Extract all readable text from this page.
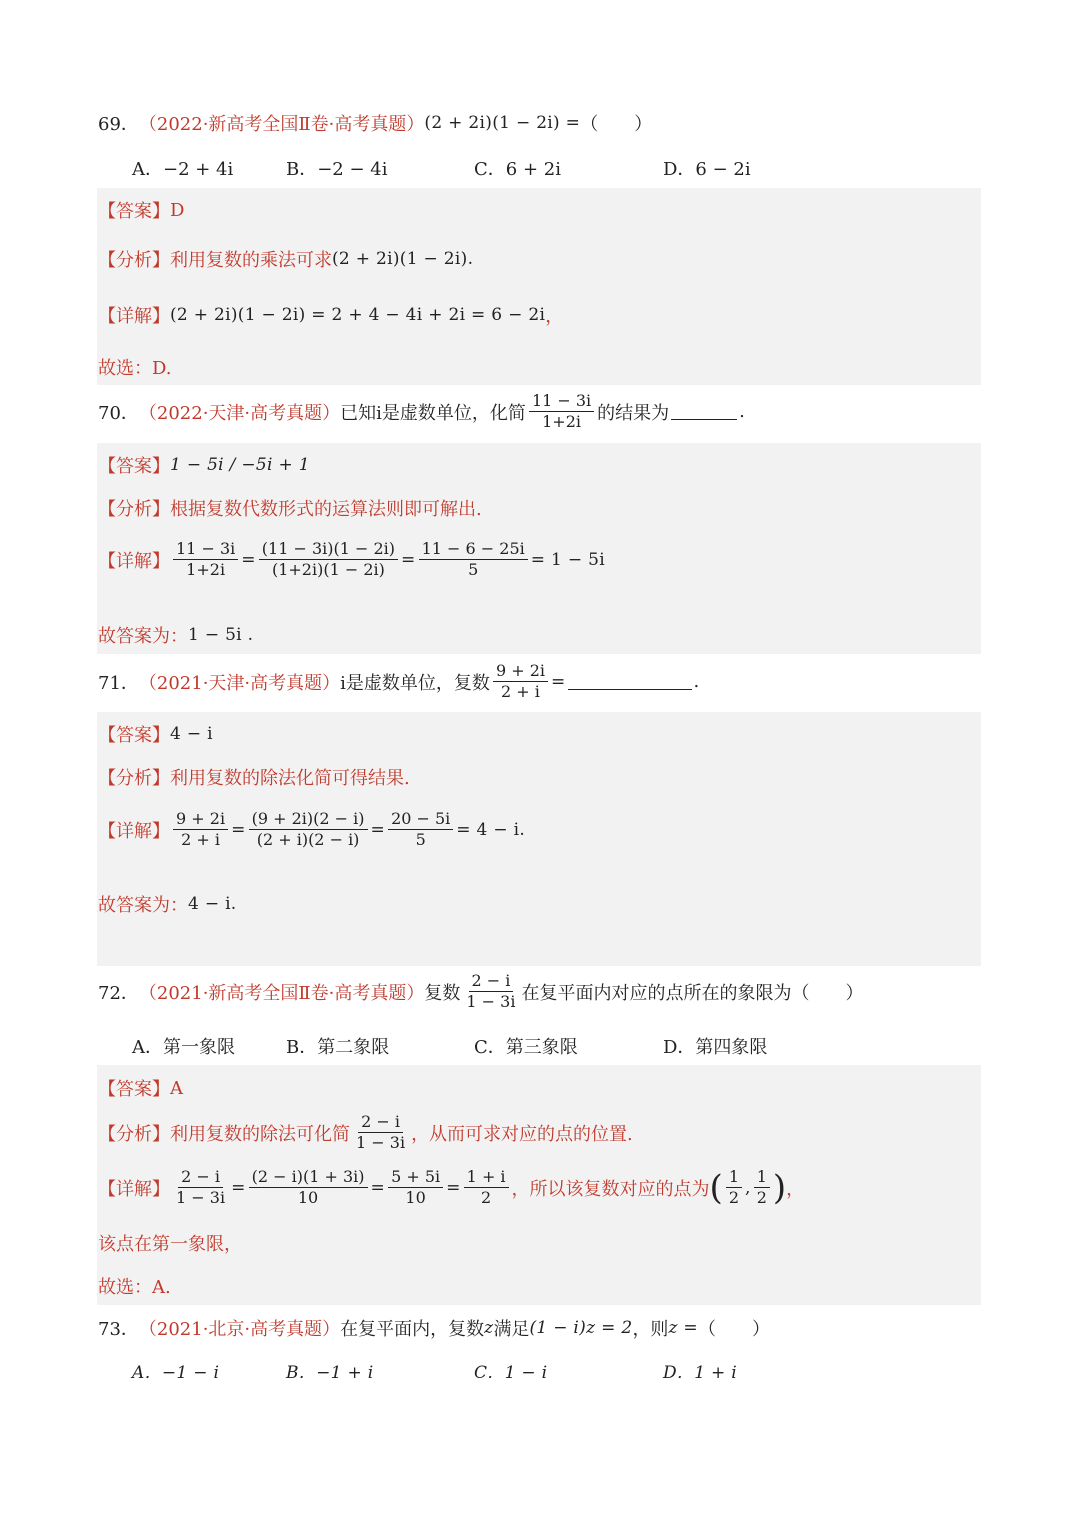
69． （2022·新高考全国Ⅱ卷·高考真题） (2 + 2i)(1 − 2i) = （　　）
A．−2 + 4i	B．−2 − 4i	C．6 + 2i	D．6 − 2i
【答案】 D
【分析】 利用复数的乘法可求 (2 + 2i)(1 − 2i).
【详解】 (2 + 2i)(1 − 2i) = 2 + 4 − 4i + 2i = 6 − 2i ，
故选：D.
70． （2022·天津·高考真题） 已知i是虚数单位，化简 $\frac{11 - 3i}{1+2i}$ 的结果为	.
【答案】 1 − 5i / −5i + 1
【分析】 根据复数代数形式的运算法则即可解出.
【详解】 $\frac{11 - 3i}{1+2i} = \frac{(11 - 3i)(1 - 2i)}{(1+2i)(1 - 2i)} = \frac{11 - 6 - 25i}{5} = 1 - 5i$
故答案为： 1 − 5i .
71． （2021·天津·高考真题） i是虚数单位，复数 $\frac{9 + 2i}{2 + i}$ =	.
【答案】 4 − i
【分析】 利用复数的除法化简可得结果.
【详解】 $\frac{9 + 2i}{2 + i} = \frac{(9 + 2i)(2 - i)}{(2 + i)(2 - i)} = \frac{20 - 5i}{5} = 4 - i$.
故答案为： 4 − i.
72． （2021·新高考全国Ⅱ卷·高考真题） 复数 $\frac{2 - i}{1 - 3i}$ 在复平面内对应的点所在的象限为（　　）
A．第一象限	B．第二象限	C．第三象限	D．第四象限
【答案】 A
【分析】 利用复数的除法可化简 $\frac{2 - i}{1 - 3i}$ ，从而可求对应的点的位置.
【详解】 $\frac{2 - i}{1 - 3i} = \frac{(2 - i)(1 + 3i)}{10} = \frac{5 + 5i}{10} = \frac{1 + i}{2}$ ，所以该复数对应的点为 ( $\frac{1}{2}$ , $\frac{1}{2}$ ) ，
该点在第一象限，
故选：A.
73． （2021·北京·高考真题） 在复平面内，复数 z 满足 (1 − i)z = 2 ，则 z = （　　）
A．−1 − i	B．−1 + i	C．1 − i	D．1 + i
